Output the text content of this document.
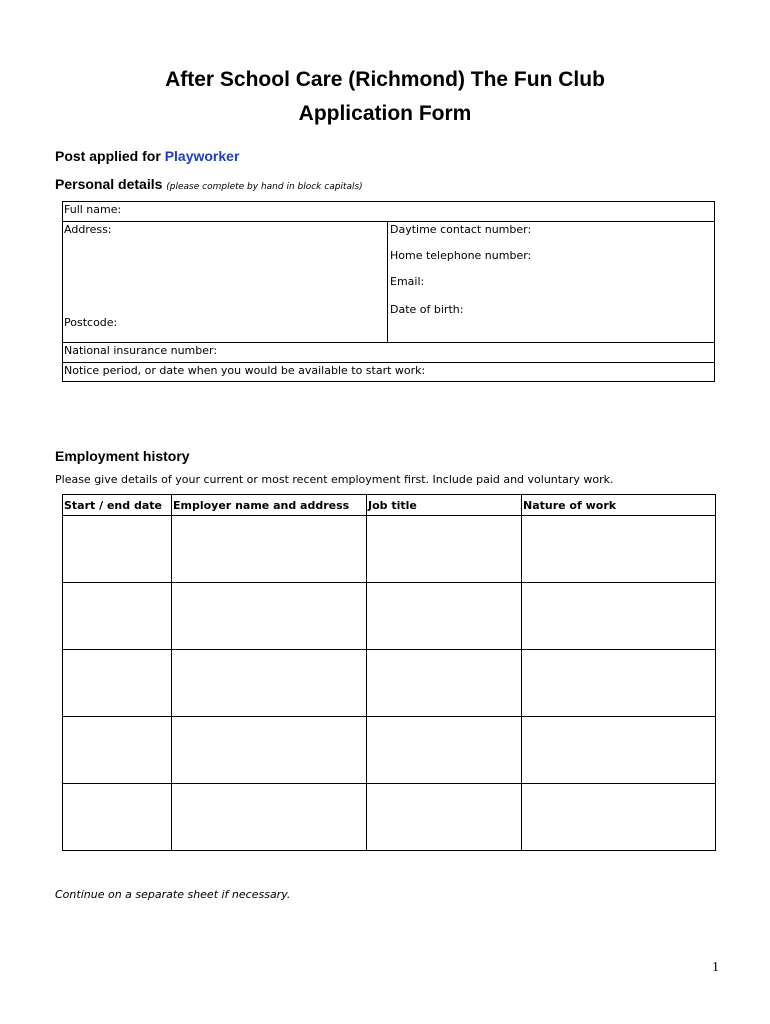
After School Care (Richmond) The Fun Club
Application Form
Post applied for Playworker
Personal details (please complete by hand in block capitals)
Full name:
Address:
Postcode:
Daytime contact number:
Home telephone number:
Email:
Date of birth:
National insurance number:
Notice period, or date when you would be available to start work:
Employment history
Please give details of your current or most recent employment first. Include paid and voluntary work.
Start / end date	Employer name and address	Job title	Nature of work

Continue on a separate sheet if necessary.
1
